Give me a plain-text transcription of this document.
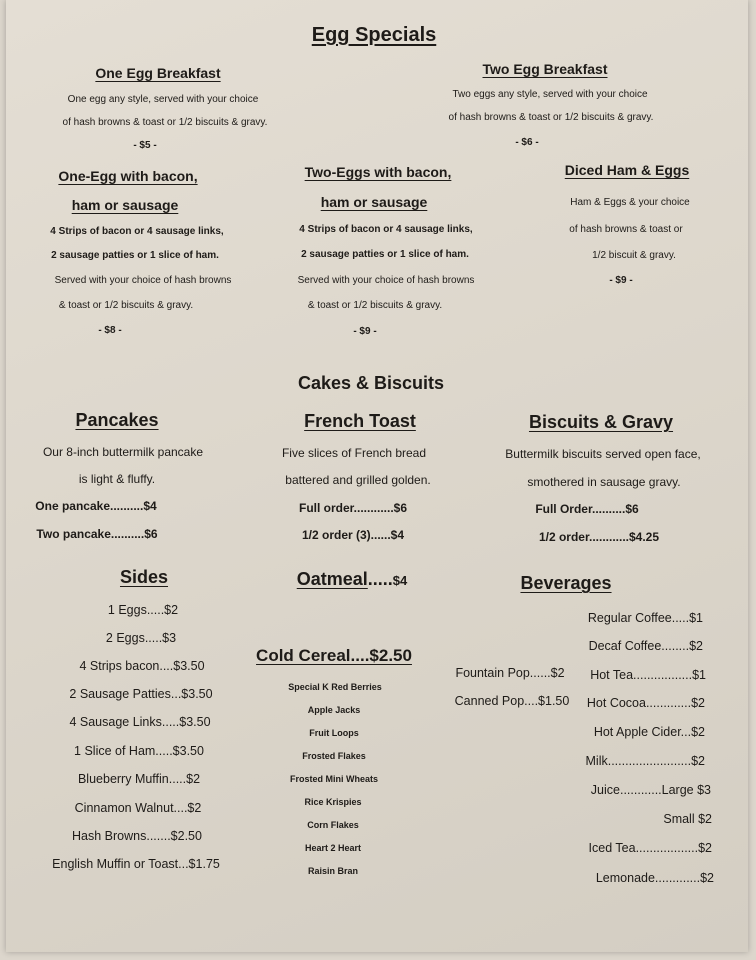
Egg Specials
One Egg Breakfast
One egg any style, served with your choice
of hash browns & toast or 1/2 biscuits & gravy.
- $5 -
Two Egg Breakfast
Two eggs any style, served with your choice
of hash browns & toast or 1/2 biscuits & gravy.
- $6 -
One-Egg with bacon,
ham or sausage
4 Strips of bacon or 4 sausage links,
2 sausage patties or 1 slice of ham.
Served with your choice of hash browns
& toast or 1/2 biscuits & gravy.
- $8 -
Two-Eggs with bacon,
ham or sausage
4 Strips of bacon or 4 sausage links,
2 sausage patties or 1 slice of ham.
Served with your choice of hash browns
& toast or 1/2 biscuits & gravy.
- $9 -
Diced Ham & Eggs
Ham & Eggs & your choice
of hash browns & toast or
1/2 biscuit & gravy.
- $9 -
Cakes & Biscuits
Pancakes
Our 8-inch buttermilk pancake
is light & fluffy.
One pancake..........$4
Two pancake..........$6
French Toast
Five slices of French bread
battered and grilled golden.
Full order............$6
1/2 order (3)......$4
Biscuits & Gravy
Buttermilk biscuits served open face,
smothered in sausage gravy.
Full Order..........$6
1/2 order............$4.25
Sides
1 Eggs.....$2
2 Eggs.....$3
4 Strips bacon....$3.50
2 Sausage Patties...$3.50
4 Sausage Links.....$3.50
1 Slice of Ham.....$3.50
Blueberry Muffin.....$2
Cinnamon Walnut....$2
Hash Browns.......$2.50
English Muffin or Toast...$1.75
Oatmeal.....$4
Cold Cereal....$2.50
Special K Red Berries
Apple Jacks
Fruit Loops
Frosted Flakes
Frosted Mini Wheats
Rice Krispies
Corn Flakes
Heart 2 Heart
Raisin Bran
Beverages
Fountain Pop......$2
Canned Pop....$1.50
Regular Coffee.....$1
Decaf Coffee........$2
Hot Tea.................$1
Hot Cocoa.............$2
Hot Apple Cider...$2
Milk........................$2
Juice............Large $3
Small $2
Iced Tea..................$2
Lemonade.............$2
